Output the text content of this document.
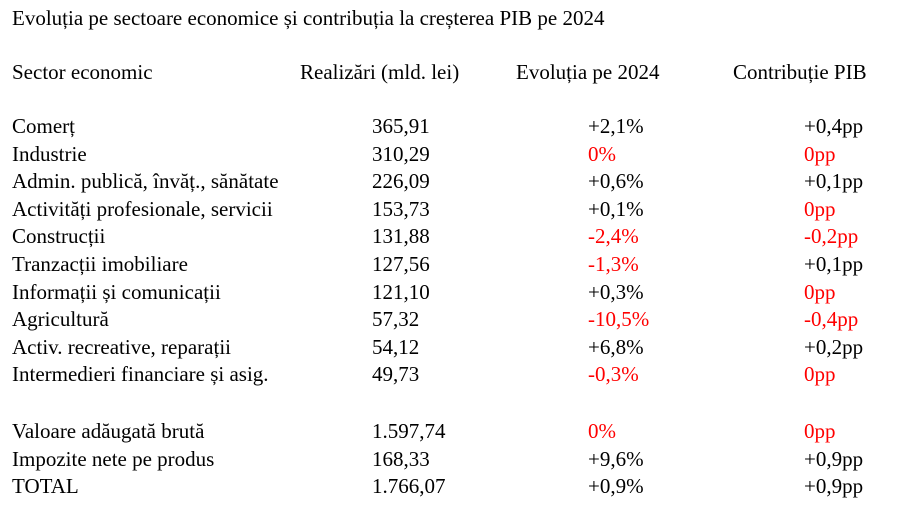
Evoluția pe sectoare economice și contribuția la creșterea PIB pe 2024
Sector economic	Realizări (mld. lei)	Evoluția pe 2024	Contribuție PIB
Comerț	365,91	+2,1%	+0,4pp
Industrie	310,29	0%	0pp
Admin. publică, învăț., sănătate	226,09	+0,6%	+0,1pp
Activități profesionale, servicii	153,73	+0,1%	0pp
Construcții	131,88	-2,4%	-0,2pp
Tranzacții imobiliare	127,56	-1,3%	+0,1pp
Informații și comunicații	121,10	+0,3%	0pp
Agricultură	57,32	-10,5%	-0,4pp
Activ. recreative, reparații	54,12	+6,8%	+0,2pp
Intermedieri financiare și asig.	49,73	-0,3%	0pp
Valoare adăugată brută	1.597,74	0%	0pp
Impozite nete pe produs	168,33	+9,6%	+0,9pp
TOTAL	1.766,07	+0,9%	+0,9pp
